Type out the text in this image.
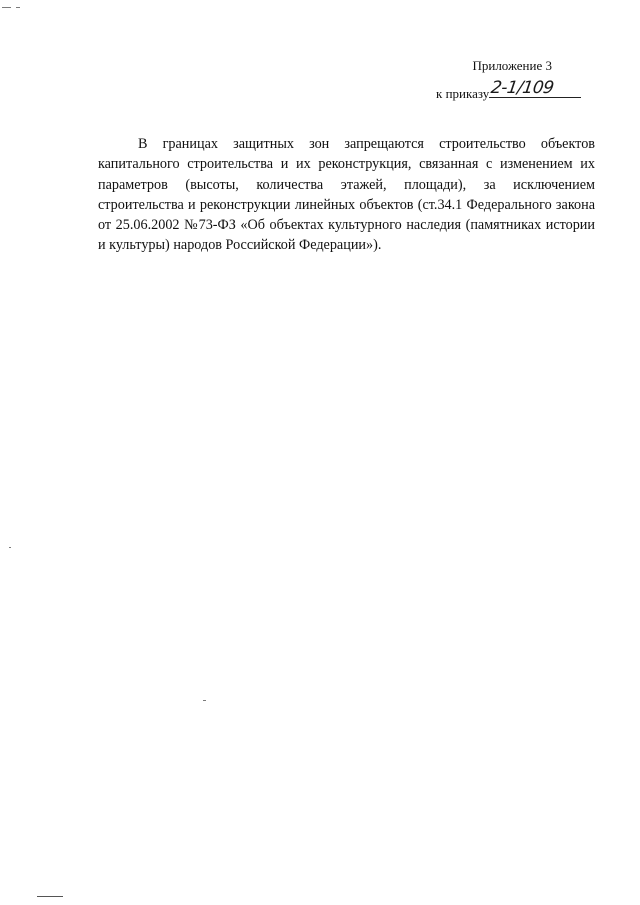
Приложение 3
к приказу 2-1/109

В границах защитных зон запрещаются строительство объектов капитального строительства и их реконструкция, связанная с изменением их параметров (высоты, количества этажей, площади), за исключением строительства и реконструкции линейных объектов (ст.34.1 Федерального закона от 25.06.2002 №73-ФЗ «Об объектах культурного наследия (памятниках истории и культуры) народов Российской Федерации»).
